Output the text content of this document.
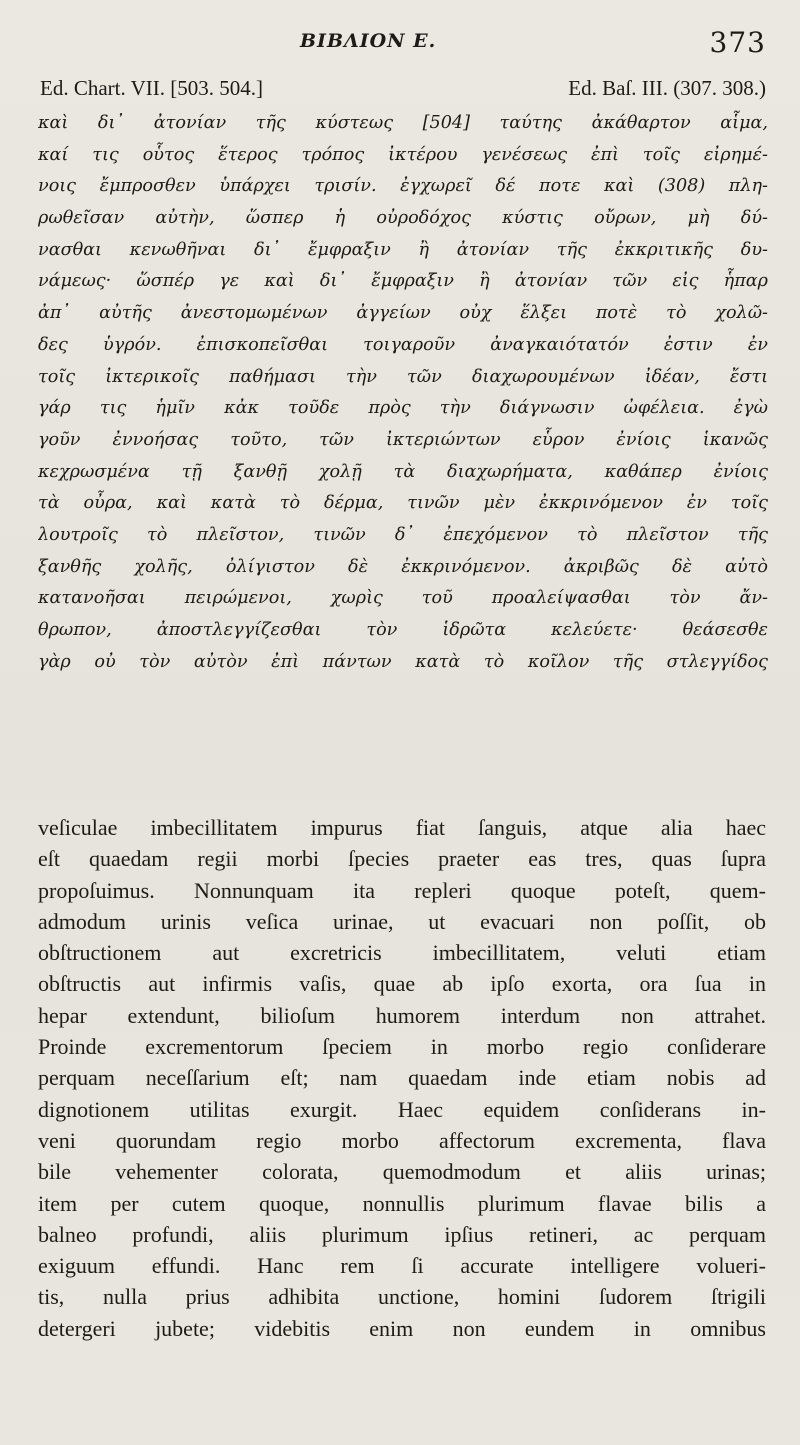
BIBΛION E.	373
Ed. Chart. VII. [503. 504.]	Ed. Baſ. III. (307. 308.)
καὶ δι᾽ ἀτονίαν τῆς κύστεως [504] ταύτης ἀκάθαρτον αἷμα,
καί τις οὗτος ἕτερος τρόπος ἰκτέρου γενέσεως ἐπὶ τοῖς εἰρημέ-
νοις ἔμπροσθεν ὑπάρχει τρισίν. ἐγχωρεῖ δέ ποτε καὶ (308) πλη-
ρωθεῖσαν αὐτὴν, ὥσπερ ἡ οὐροδόχος κύστις οὔρων, μὴ δύ-
νασθαι κενωθῆναι δι᾽ ἔμφραξιν ἢ ἀτονίαν τῆς ἐκκριτικῆς δυ-
νάμεως· ὥσπέρ γε καὶ δι᾽ ἔμφραξιν ἢ ἀτονίαν τῶν εἰς ἧπαρ
ἀπ᾽ αὐτῆς ἀνεστομωμένων ἀγγείων οὐχ ἕλξει ποτὲ τὸ χολῶ-
δες ὑγρόν. ἐπισκοπεῖσθαι τοιγαροῦν ἀναγκαιότατόν ἐστιν ἐν
τοῖς ἰκτερικοῖς παθήμασι τὴν τῶν διαχωρουμένων ἰδέαν, ἔστι
γάρ τις ἡμῖν κἀκ τοῦδε πρὸς τὴν διάγνωσιν ὠφέλεια. ἐγὼ
γοῦν ἐννοήσας τοῦτο, τῶν ἰκτεριώντων εὗρον ἐνίοις ἱκανῶς
κεχρωσμένα τῇ ξανθῇ χολῇ τὰ διαχωρήματα, καθάπερ ἐνίοις
τὰ οὖρα, καὶ κατὰ τὸ δέρμα, τινῶν μὲν ἐκκρινόμενον ἐν τοῖς
λουτροῖς τὸ πλεῖστον, τινῶν δ᾽ ἐπεχόμενον τὸ πλεῖστον τῆς
ξανθῆς χολῆς, ὀλίγιστον δὲ ἐκκρινόμενον. ἀκριβῶς δὲ αὐτὸ
κατανοῆσαι πειρώμενοι, χωρὶς τοῦ προαλείψασθαι τὸν ἄν-
θρωπον, ἀποστλεγγίζεσθαι τὸν ἱδρῶτα κελεύετε· θεάσεσθε
γὰρ οὐ τὸν αὐτὸν ἐπὶ πάντων κατὰ τὸ κοῖλον τῆς στλεγγίδος
veſiculae imbecillitatem impurus fiat ſanguis, atque alia haec
eſt quaedam regii morbi ſpecies praeter eas tres, quas ſupra
propoſuimus. Nonnunquam ita repleri quoque poteſt, quem-
admodum urinis veſica urinae, ut evacuari non poſſit, ob
obſtructionem aut excretricis imbecillitatem, veluti etiam
obſtructis aut infirmis vaſis, quae ab ipſo exorta, ora ſua in
hepar extendunt, bilioſum humorem interdum non attrahet.
Proinde excrementorum ſpeciem in morbo regio conſiderare
perquam neceſſarium eſt; nam quaedam inde etiam nobis ad
dignotionem utilitas exurgit. Haec equidem conſiderans in-
veni quorundam regio morbo affectorum excrementa, flava
bile vehementer colorata, quemodmodum et aliis urinas;
item per cutem quoque, nonnullis plurimum flavae bilis a
balneo profundi, aliis plurimum ipſius retineri, ac perquam
exiguum effundi. Hanc rem ſi accurate intelligere volueri-
tis, nulla prius adhibita unctione, homini ſudorem ſtrigili
detergeri jubete; videbitis enim non eundem in omnibus
